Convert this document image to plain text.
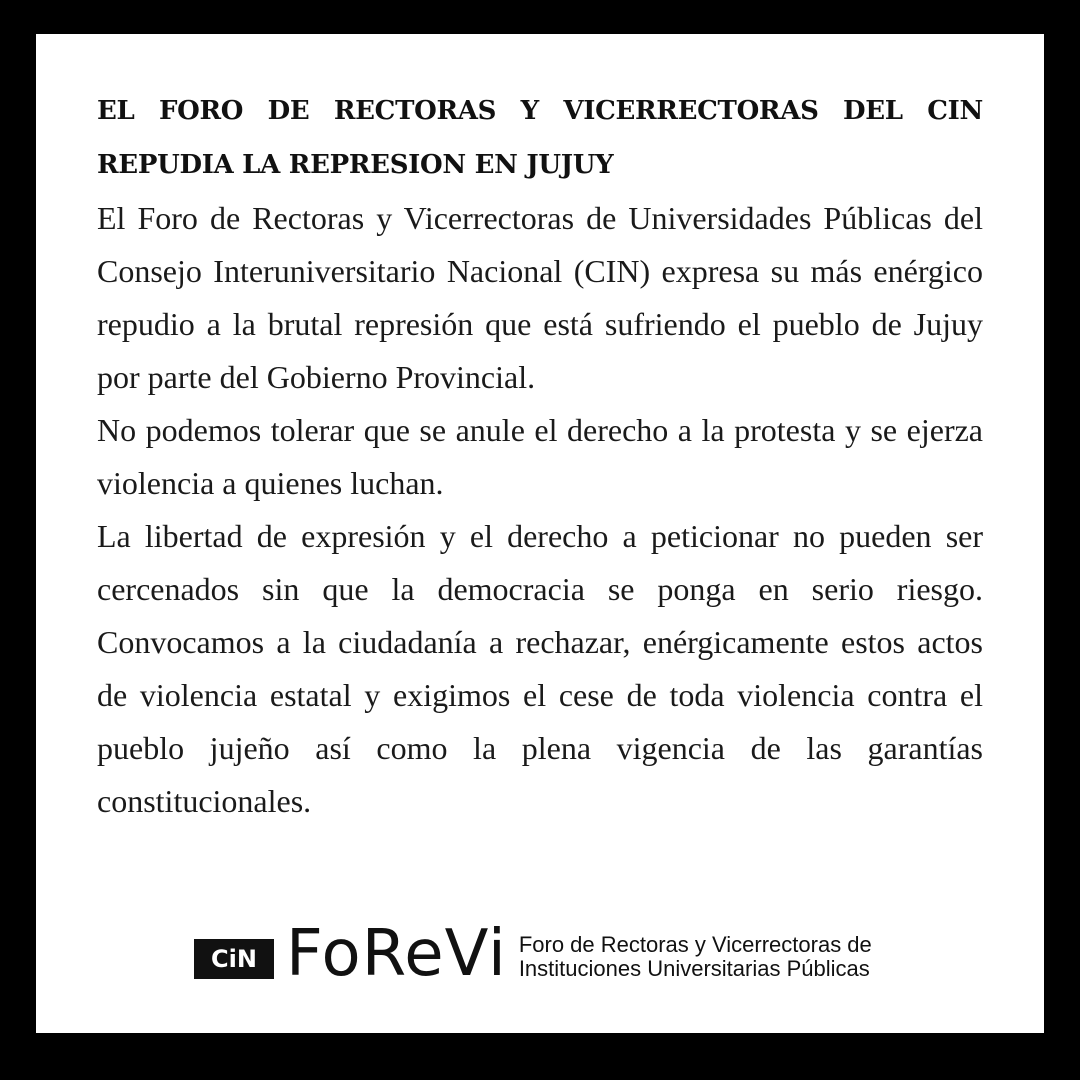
EL FORO DE RECTORAS Y VICERRECTORAS DEL CIN REPUDIA LA REPRESION EN JUJUY

El Foro de Rectoras y Vicerrectoras de Universidades Públicas del Consejo Interuniversitario Nacional (CIN) expresa su más enérgico repudio a la brutal represión que está sufriendo el pueblo de Jujuy por parte del Gobierno Provincial.

No podemos tolerar que se anule el derecho a la protesta y se ejerza violencia a quienes luchan.

La libertad de expresión y el derecho a peticionar no pueden ser cercenados sin que la democracia se ponga en serio riesgo. Convocamos a la ciudadanía a rechazar, enérgicamente estos actos de violencia estatal y exigimos el cese de toda violencia contra el pueblo jujeño así como la plena vigencia de las garantías constitucionales.

CiN FoReVi Foro de Rectoras y Vicerrectoras de
Instituciones Universitarias Públicas
